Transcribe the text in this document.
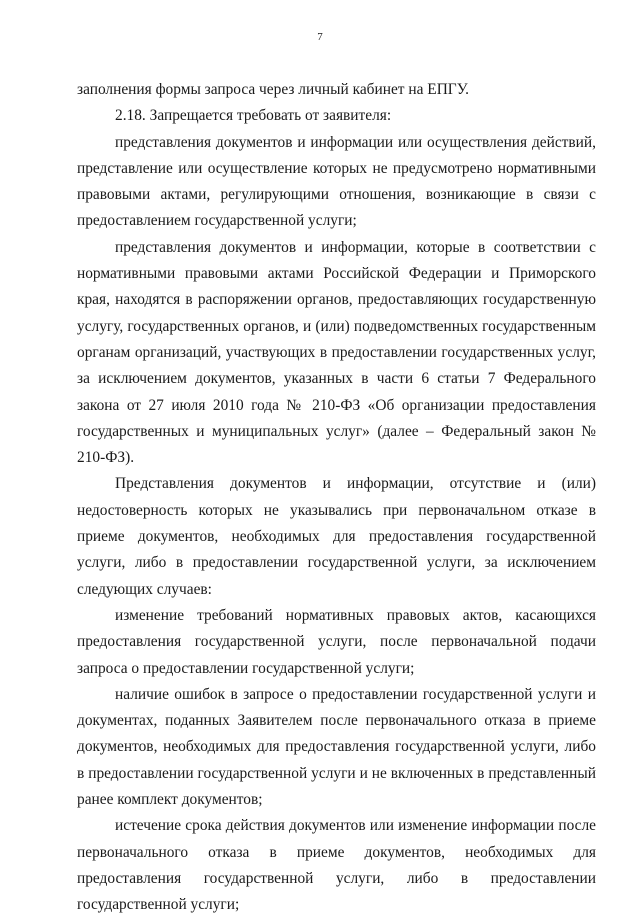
7

заполнения формы запроса через личный кабинет на ЕПГУ.

2.18. Запрещается требовать от заявителя:

представления документов и информации или осуществления действий, представление или осуществление которых не предусмотрено нормативными правовыми актами, регулирующими отношения, возникающие в связи с предоставлением государственной услуги;

представления документов и информации, которые в соответствии с нормативными правовыми актами Российской Федерации и Приморского края, находятся в распоряжении органов, предоставляющих государственную услугу, государственных органов, и (или) подведомственных государственным органам организаций, участвующих в предоставлении государственных услуг, за исключением документов, указанных в части 6 статьи 7 Федерального закона от 27 июля 2010 года № 210-ФЗ «Об организации предоставления государственных и муниципальных услуг» (далее – Федеральный закон № 210-ФЗ).

Представления документов и информации, отсутствие и (или) недостоверность которых не указывались при первоначальном отказе в приеме документов, необходимых для предоставления государственной услуги, либо в предоставлении государственной услуги, за исключением следующих случаев:

изменение требований нормативных правовых актов, касающихся предоставления государственной услуги, после первоначальной подачи запроса о предоставлении государственной услуги;

наличие ошибок в запросе о предоставлении государственной услуги и документах, поданных Заявителем после первоначального отказа в приеме документов, необходимых для предоставления государственной услуги, либо в предоставлении государственной услуги и не включенных в представленный ранее комплект документов;

истечение срока действия документов или изменение информации после первоначального отказа в приеме документов, необходимых для предоставления государственной услуги, либо в предоставлении государственной услуги;
